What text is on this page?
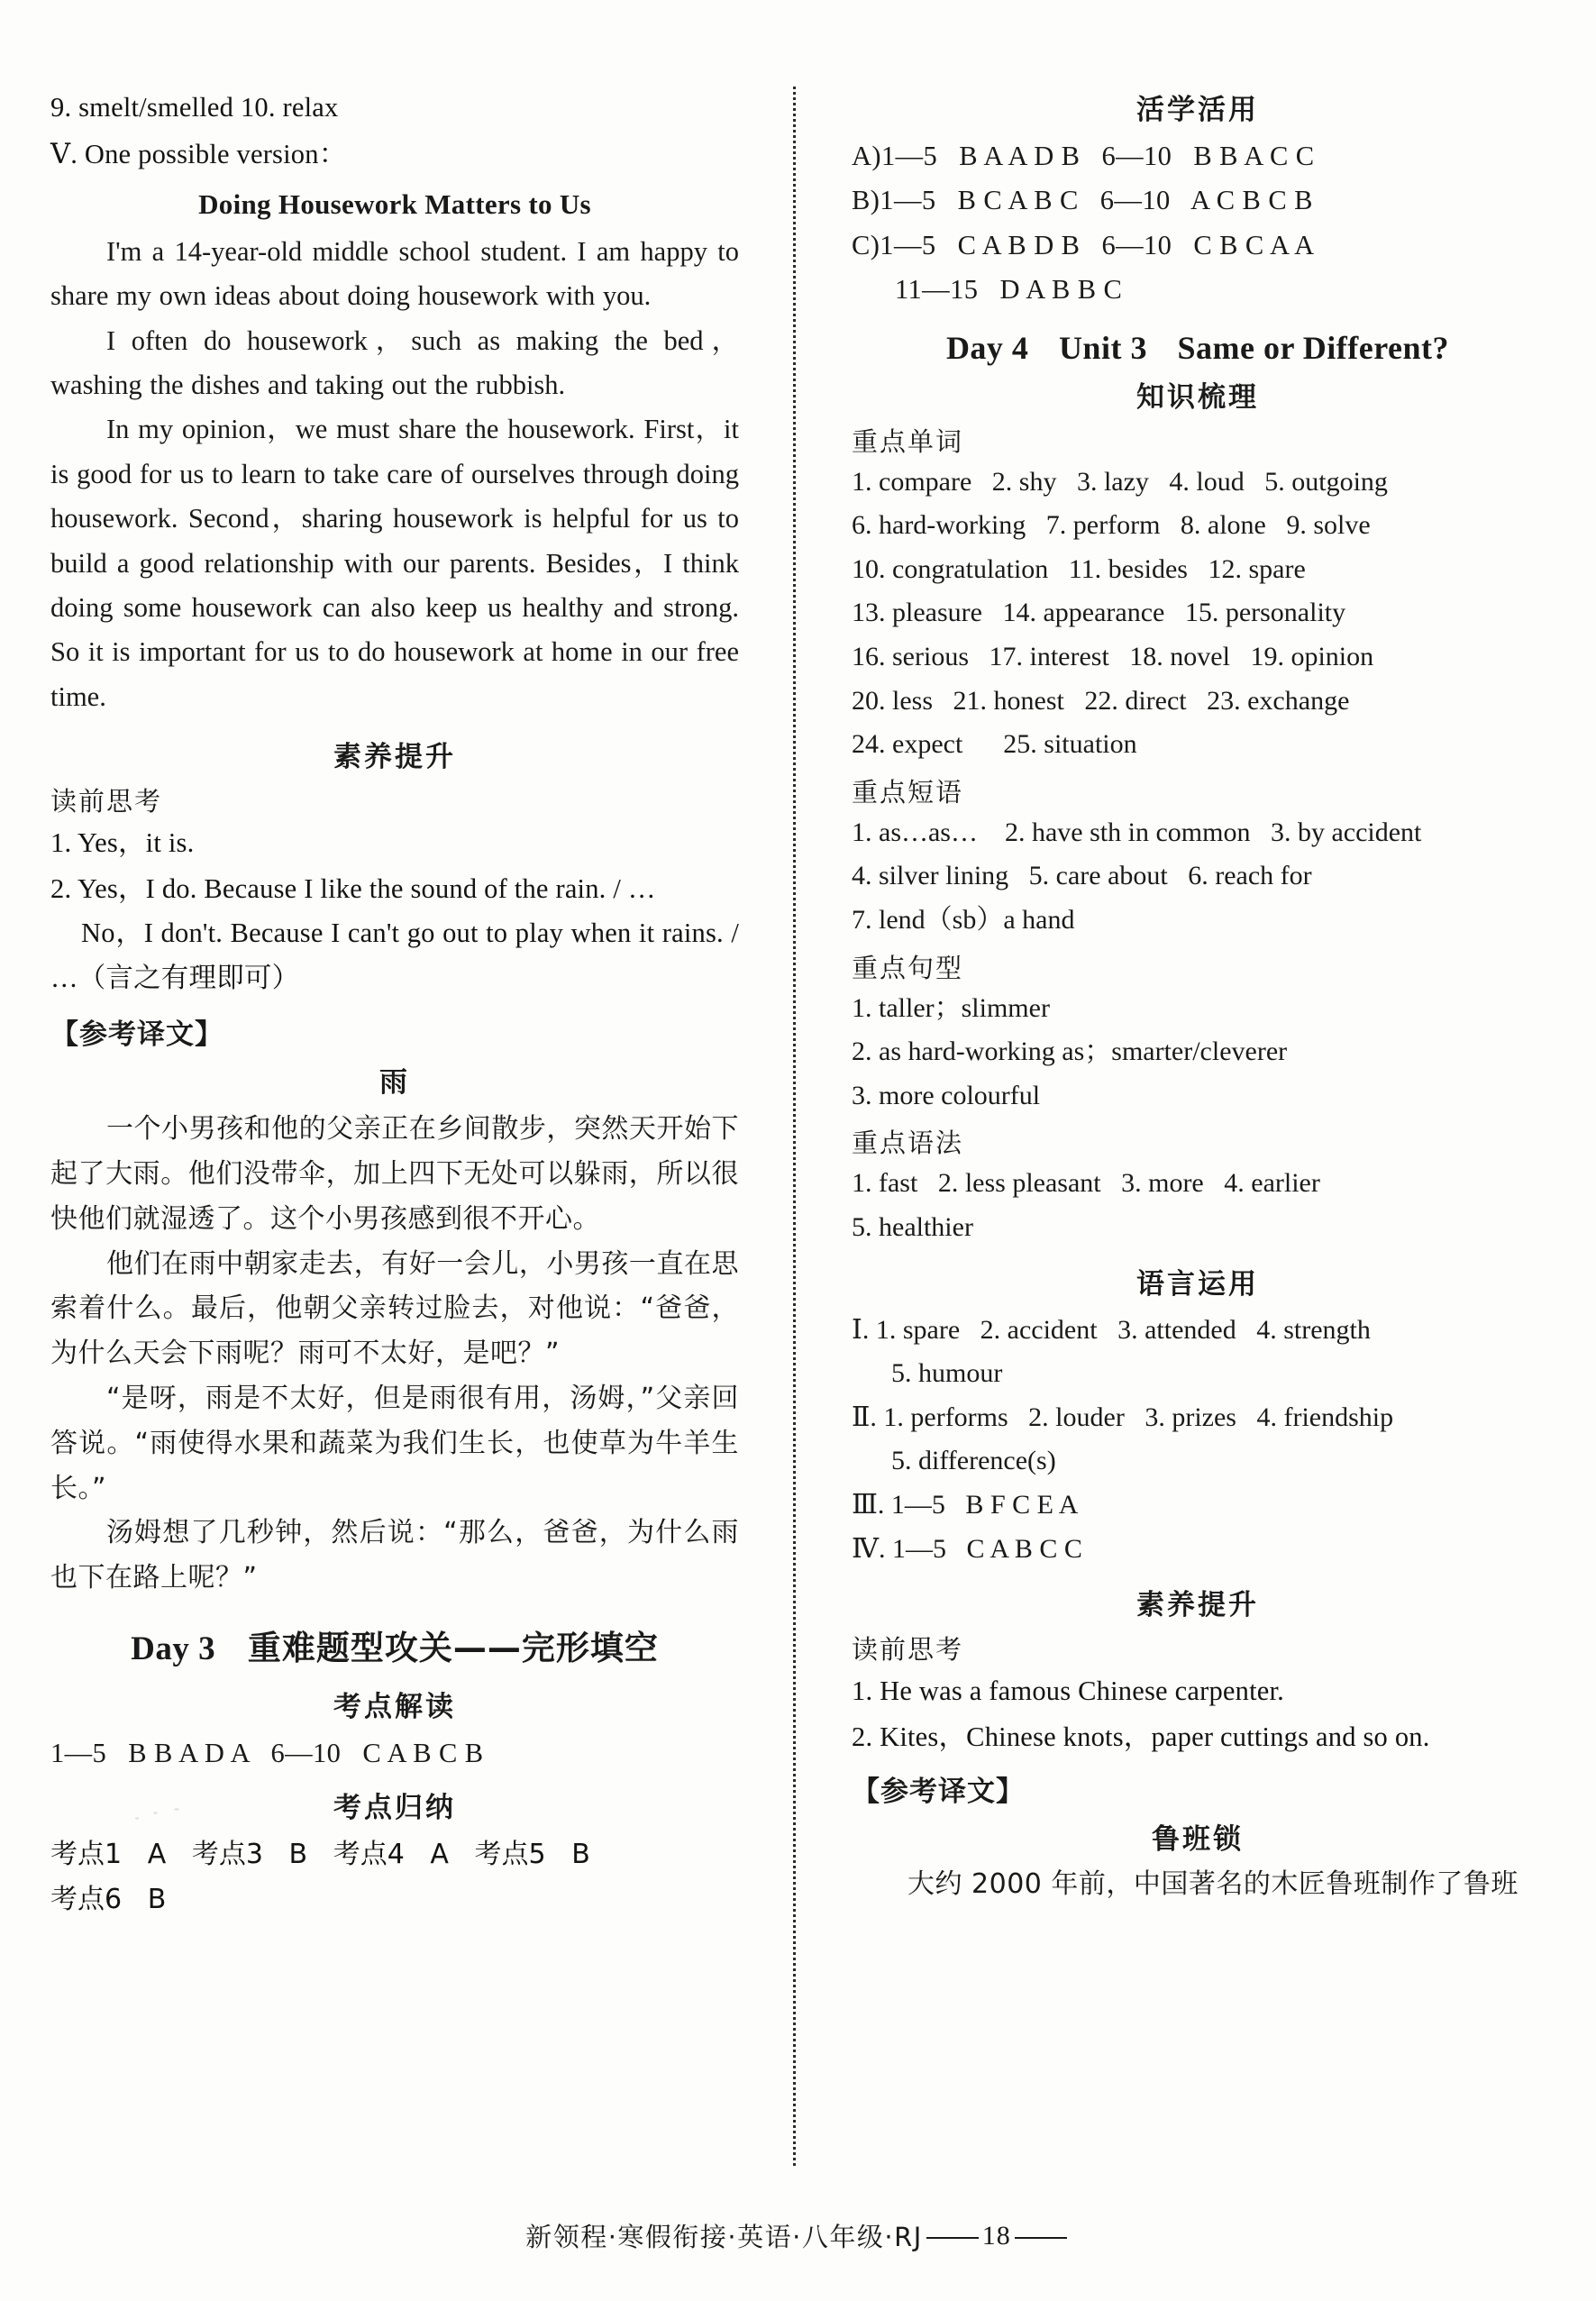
9. smelt/smelled 10. relax
Ⅴ. One possible version：
Doing Housework Matters to Us

I'm a 14-year-old middle school student. I am happy to share my own ideas about doing housework with you.

I often do housework，such as making the bed，washing the dishes and taking out the rubbish.

In my opinion，we must share the housework. First，it is good for us to learn to take care of ourselves through doing housework. Second，sharing housework is helpful for us to build a good relationship with our parents. Besides，I think doing some housework can also keep us healthy and strong. So it is important for us to do housework at home in our free time.

素养提升
读前思考
1. Yes，it is.
2. Yes，I do. Because I like the sound of the rain. / …
No，I don't. Because I can't go out to play when it rains. / …（言之有理即可）
【参考译文】
雨

一个小男孩和他的父亲正在乡间散步，突然天开始下起了大雨。他们没带伞，加上四下无处可以躲雨，所以很快他们就湿透了。这个小男孩感到很不开心。

他们在雨中朝家走去，有好一会儿，小男孩一直在思索着什么。最后，他朝父亲转过脸去，对他说：“爸爸，为什么天会下雨呢？雨可不太好，是吧？”

“是呀，雨是不太好，但是雨很有用，汤姆，”父亲回答说。“雨使得水果和蔬菜为我们生长，也使草为牛羊生长。”

汤姆想了几秒钟，然后说：“那么，爸爸，为什么雨也下在路上呢？”

Day 3 重难题型攻关——完形填空
考点解读
1—5   B B A D A   6—10   C A B C B
考点归纳
考点1   A   考点3   B   考点4   A   考点5   B
考点6   B
活学活用
A)1—5   B A A D B   6—10   B B A C C
B)1—5   B C A B C   6—10   A C B C B
C)1—5   C A B D B   6—10   C B C A A
11—15   D A B B C
Day 4 Unit 3 Same or Different?
知识梳理
重点单词
1. compare   2. shy   3. lazy   4. loud   5. outgoing
6. hard-working   7. perform   8. alone   9. solve
10. congratulation   11. besides   12. spare
13. pleasure   14. appearance   15. personality
16. serious   17. interest   18. novel   19. opinion
20. less   21. honest   22. direct   23. exchange
24. expect      25. situation
重点短语
1. as…as…    2. have sth in common   3. by accident
4. silver lining   5. care about   6. reach for
7. lend（sb）a hand
重点句型
1. taller；slimmer
2. as hard-working as；smarter/cleverer
3. more colourful
重点语法
1. fast   2. less pleasant   3. more   4. earlier
5. healthier
语言运用
Ⅰ. 1. spare   2. accident   3. attended   4. strength
5. humour
Ⅱ. 1. performs   2. louder   3. prizes   4. friendship
5. difference(s)
Ⅲ. 1—5   B F C E A
Ⅳ. 1—5   C A B C C
素养提升
读前思考
1. He was a famous Chinese carpenter.
2. Kites，Chinese knots，paper cuttings and so on.
【参考译文】
鲁班锁

大约 2000 年前，中国著名的木匠鲁班制作了鲁班

新领程·寒假衔接·英语·八年级·RJ 18
